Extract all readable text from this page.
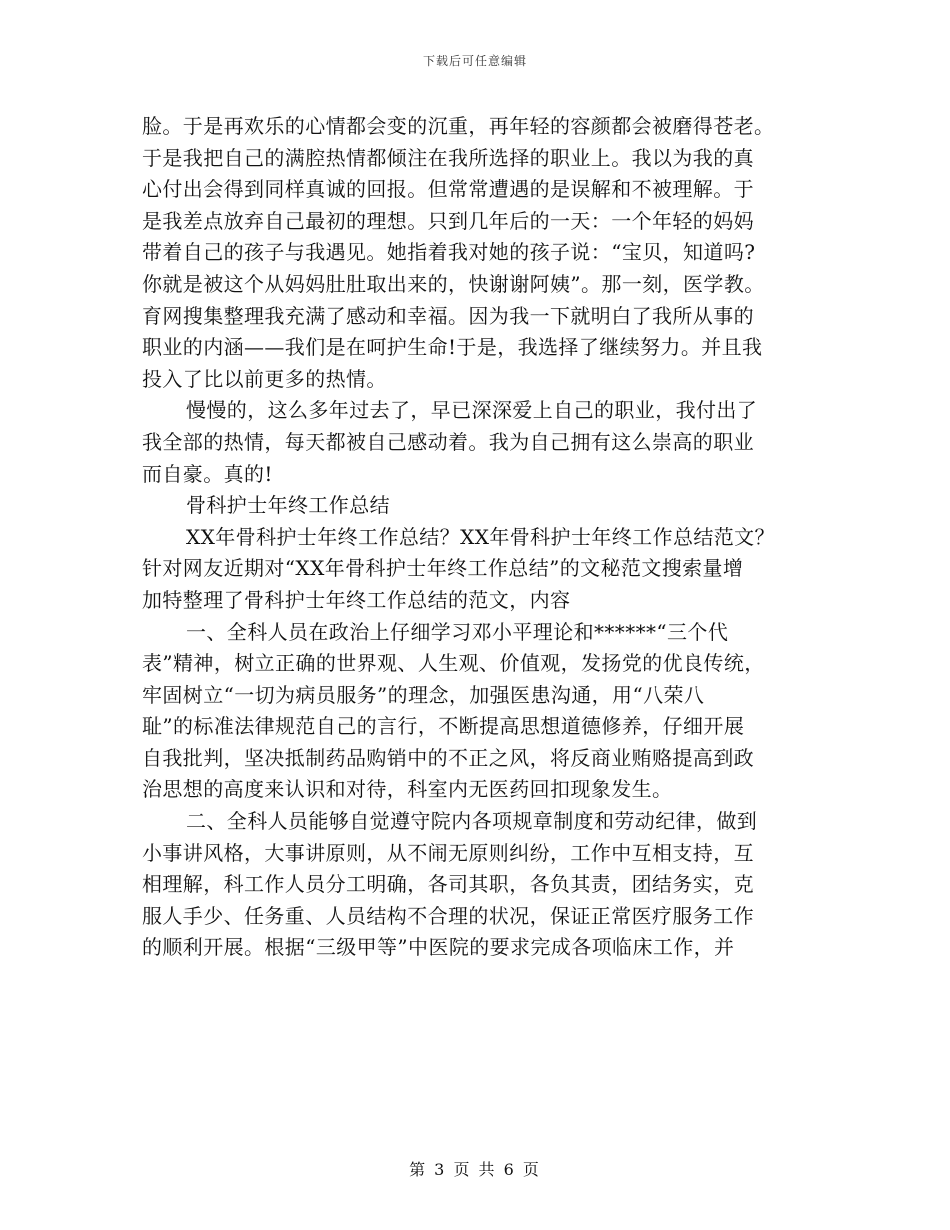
下载后可任意编辑
脸。于是再欢乐的心情都会变的沉重，再年轻的容颜都会被磨得苍老。
于是我把自己的满腔热情都倾注在我所选择的职业上。我以为我的真
心付出会得到同样真诚的回报。但常常遭遇的是误解和不被理解。于
是我差点放弃自己最初的理想。只到几年后的一天：一个年轻的妈妈
带着自己的孩子与我遇见。她指着我对她的孩子说：“宝贝，知道吗?
你就是被这个从妈妈肚肚取出来的，快谢谢阿姨”。那一刻，医学教。
育网搜集整理我充满了感动和幸福。因为我一下就明白了我所从事的
职业的内涵——我们是在呵护生命!于是，我选择了继续努力。并且我
投入了比以前更多的热情。
慢慢的，这么多年过去了，早已深深爱上自己的职业，我付出了
我全部的热情，每天都被自己感动着。我为自己拥有这么崇高的职业
而自豪。真的!
骨科护士年终工作总结
XX年骨科护士年终工作总结？XX年骨科护士年终工作总结范文？
针对网友近期对“XX年骨科护士年终工作总结”的文秘范文搜索量增
加特整理了骨科护士年终工作总结的范文，内容
一、全科人员在政治上仔细学习邓小平理论和******“三个代
表”精神，树立正确的世界观、人生观、价值观，发扬党的优良传统，
牢固树立“一切为病员服务”的理念，加强医患沟通，用“八荣八
耻”的标准法律规范自己的言行，不断提高思想道德修养，仔细开展
自我批判，坚决抵制药品购销中的不正之风，将反商业贿赂提高到政
治思想的高度来认识和对待，科室内无医药回扣现象发生。
二、全科人员能够自觉遵守院内各项规章制度和劳动纪律，做到
小事讲风格，大事讲原则，从不闹无原则纠纷，工作中互相支持，互
相理解，科工作人员分工明确，各司其职，各负其责，团结务实，克
服人手少、任务重、人员结构不合理的状况，保证正常医疗服务工作
的顺利开展。根据“三级甲等”中医院的要求完成各项临床工作，并
第 3 页 共 6 页
